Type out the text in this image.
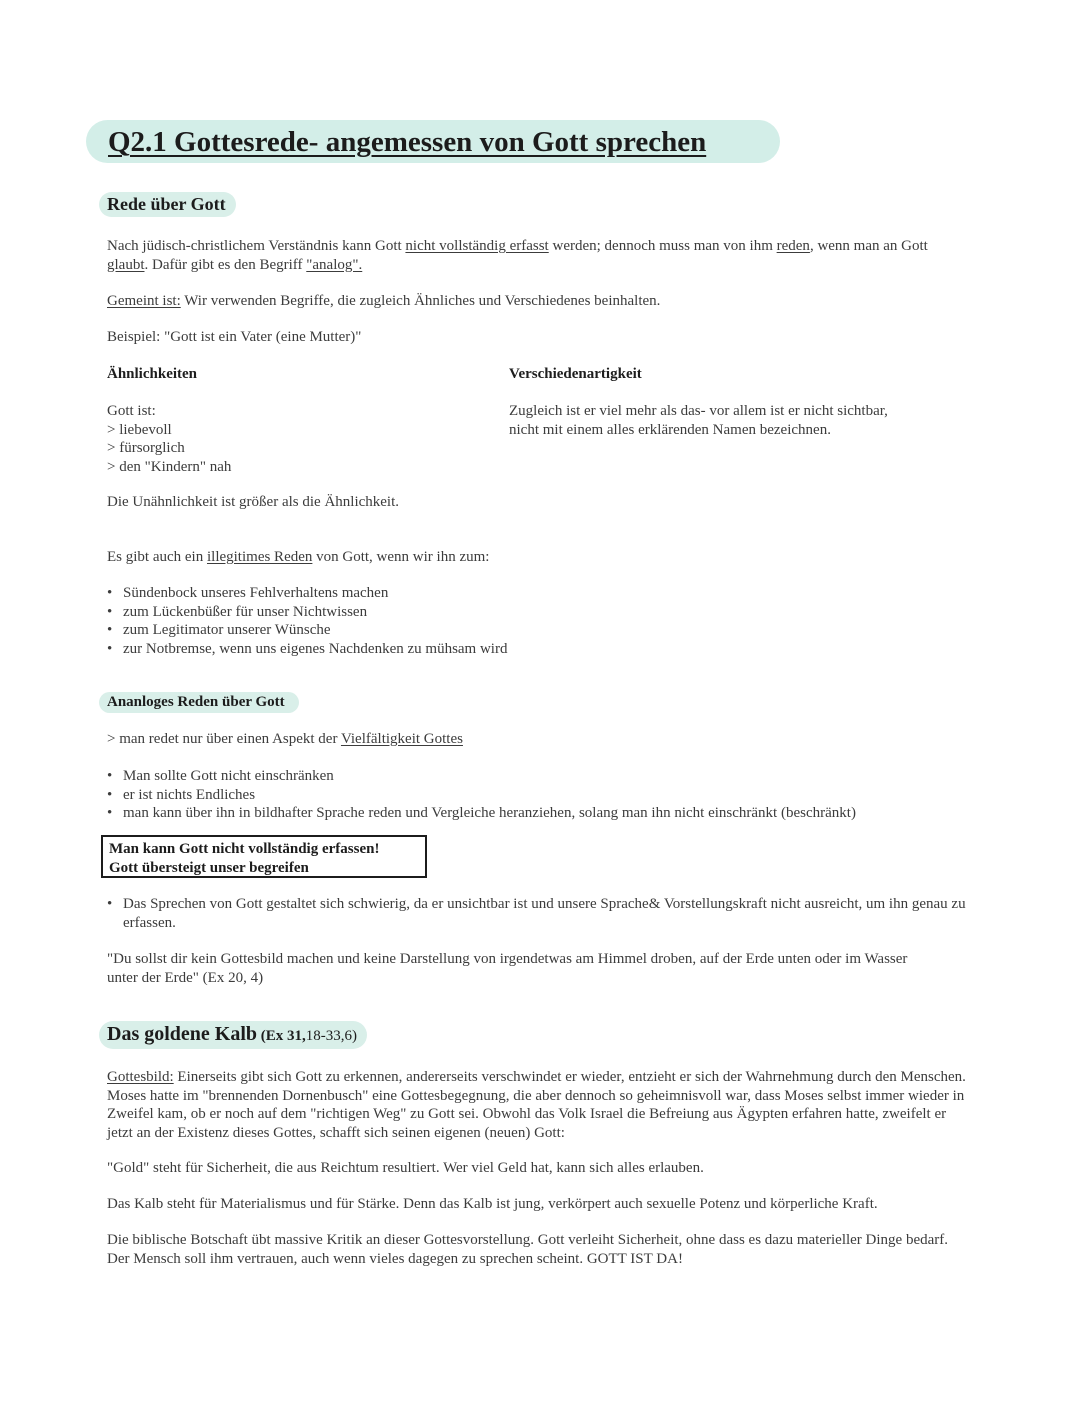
Q2.1 Gottesrede- angemessen von Gott sprechen
Rede über Gott
Nach jüdisch-christlichem Verständnis kann Gott nicht vollständig erfasst werden; dennoch muss man von ihm reden, wenn man an Gott glaubt. Dafür gibt es den Begriff "analog".
Gemeint ist: Wir verwenden Begriffe, die zugleich Ähnliches und Verschiedenes beinhalten.
Beispiel: "Gott ist ein Vater (eine Mutter)"
Ähnlichkeiten	Verschiedenartigkeit
Gott ist:
> liebevoll
> fürsorglich
> den "Kindern" nah
Zugleich ist er viel mehr als das- vor allem ist er nicht sichtbar,
nicht mit einem alles erklärenden Namen bezeichnen.
Die Unähnlichkeit ist größer als die Ähnlichkeit.
Es gibt auch ein illegitimes Reden von Gott, wenn wir ihn zum:
• Sündenbock unseres Fehlverhaltens machen
• zum Lückenbüßer für unser Nichtwissen
• zum Legitimator unserer Wünsche
• zur Notbremse, wenn uns eigenes Nachdenken zu mühsam wird
Ananloges Reden über Gott
> man redet nur über einen Aspekt der Vielfältigkeit Gottes
• Man sollte Gott nicht einschränken
• er ist nichts Endliches
• man kann über ihn in bildhafter Sprache reden und Vergleiche heranziehen, solang man ihn nicht einschränkt (beschränkt)
Man kann Gott nicht vollständig erfassen!
Gott übersteigt unser begreifen
• Das Sprechen von Gott gestaltet sich schwierig, da er unsichtbar ist und unsere Sprache& Vorstellungskraft nicht ausreicht, um ihn genau zu erfassen.
"Du sollst dir kein Gottesbild machen und keine Darstellung von irgendetwas am Himmel droben, auf der Erde unten oder im Wasser unter der Erde" (Ex 20, 4)
Das goldene Kalb (Ex 31,18-33,6)
Gottesbild: Einerseits gibt sich Gott zu erkennen, andererseits verschwindet er wieder, entzieht er sich der Wahrnehmung durch den Menschen. Moses hatte im "brennenden Dornenbusch" eine Gottesbegegnung, die aber dennoch so geheimnisvoll war, dass Moses selbst immer wieder in Zweifel kam, ob er noch auf dem "richtigen Weg" zu Gott sei. Obwohl das Volk Israel die Befreiung aus Ägypten erfahren hatte, zweifelt er jetzt an der Existenz dieses Gottes, schafft sich seinen eigenen (neuen) Gott:
"Gold" steht für Sicherheit, die aus Reichtum resultiert. Wer viel Geld hat, kann sich alles erlauben.
Das Kalb steht für Materialismus und für Stärke. Denn das Kalb ist jung, verkörpert auch sexuelle Potenz und körperliche Kraft.
Die biblische Botschaft übt massive Kritik an dieser Gottesvorstellung. Gott verleiht Sicherheit, ohne dass es dazu materieller Dinge bedarf. Der Mensch soll ihm vertrauen, auch wenn vieles dagegen zu sprechen scheint. GOTT IST DA!
